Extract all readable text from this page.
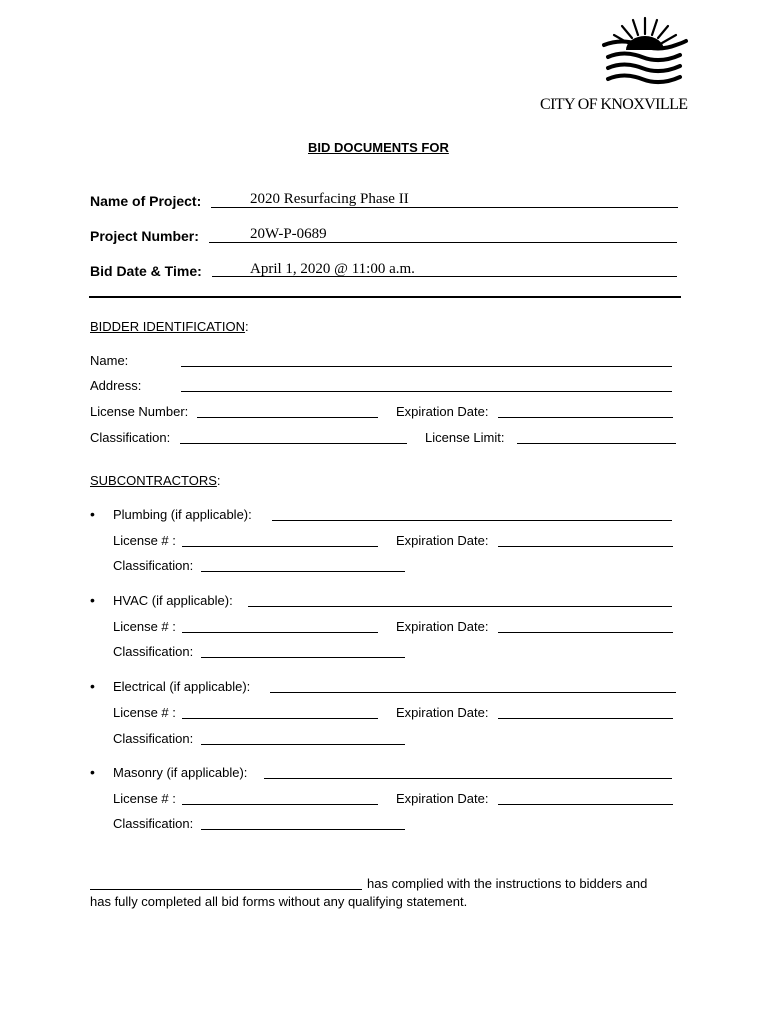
CITY OF KNOXVILLE
BID DOCUMENTS FOR
Name of Project:	2020 Resurfacing Phase II
Project Number:	20W-P-0689
Bid Date & Time:	April 1, 2020 @ 11:00 a.m.
BIDDER IDENTIFICATION:
Name:
Address:
License Number:	Expiration Date:
Classification:	License Limit:
SUBCONTRACTORS:
• Plumbing (if applicable):
License # :	Expiration Date:
Classification:
• HVAC (if applicable):
License # :	Expiration Date:
Classification:
• Electrical (if applicable):
License # :	Expiration Date:
Classification:
• Masonry (if applicable):
License # :	Expiration Date:
Classification:
has complied with the instructions to bidders and
has fully completed all bid forms without any qualifying statement.
